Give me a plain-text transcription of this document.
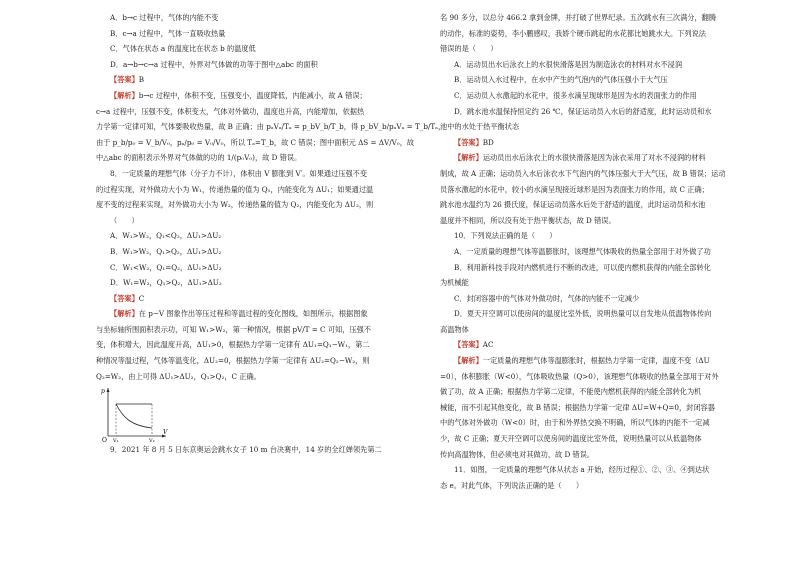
A．b→c 过程中，气体的内能不变
B．c→a 过程中，气体一直吸收热量
C．气体在状态 a 的温度比在状态 b 的温度低
D．a→b→c→a 过程中，外界对气体做的功等于图中△abc 的面积
【答案】B
【解析】b→c 过程中，体积不变，压强变小，温度降低，内能减小，故 A 错误；
c→a 过程中，压强不变，体积变大，气体对外做功，温度也升高，内能增加，依据热
力学第一定律可知，气体要吸收热量，故 B 正确；由 pₐVₐ/Tₐ = p_bV_b/T_b，得 p_bV_b/pₐVₐ = T_b/Tₐ，
由于 p_b/p₀ = V_b/V₀，pₐ/p₀ = V₀/V₀，所以 Tₐ=T_b，故 C 错误；图中面积元 ΔS = ΔV/V₀，故
中△abc 的面积表示外界对气体做的功的 1/(p₀V₀)，故 D 错误。
8．一定质量的理想气体（分子力不计），体积由 V 膨胀到 V′。如果通过压强不变
的过程实现，对外做功大小为 W₁，传递热量的值为 Q₁，内能变化为 ΔU₁；如果通过温
度不变的过程来实现，对外做功大小为 W₂，传递热量的值为 Q₂，内能变化为 ΔU₂，则
（　　）
A．W₁>W₂，Q₁<Q₂，ΔU₁>ΔU₂
B．W₁>W₂，Q₁>Q₂，ΔU₁>ΔU₂
C．W₁<W₂，Q₁=Q₂，ΔU₁>ΔU₂
D．W₁=W₂，Q₁>Q₂，ΔU₁>ΔU₂
【答案】C
【解析】在 p−V 图象作出等压过程和等温过程的变化图线，如图所示，根据图象
与坐标轴所围面积表示功，可知 W₁>W₂，第一种情况，根据 pV/T = C 可知，压强不
变，体积增大，因此温度升高，ΔU₁>0，根据热力学第一定律有 ΔU₁=Q₁−W₁，第二
种情况等温过程，气体等温变化，ΔU₂=0，根据热力学第一定律有 ΔU₂=Q₂−W₂，则
Q₂=W₂，由上可得 ΔU₁>ΔU₂，Q₁>Q₂，C 正确。
p
V
O V₁	V₂
9．2021 年 8 月 5 日东京奥运会跳水女子 10 m 台决赛中，14 岁的全红婵领先第二
名 90 多分，以总分 466.2 拿到金牌，并打破了世界纪录。五次跳水有三次满分，翻腾
的动作，标准的姿势，李小鹏感叹，我娇个硬币跳起的水花都比她跳水大。下列说法
错误的是（　　）
A．运动员出水后泳衣上的水很快滑落是因为制造泳衣的材料对水不浸润
B．运动员入水过程中，在水中产生的气泡内的气体压强小于大气压
C．运动员入水激起的水花中，很多水滴呈现球形是因为水的表面张力的作用
D．跳水池水温保持恒定约 26 ℃，保证运动员入水后的舒适度，此时运动员和水
池中的水处于热平衡状态
【答案】BD
【解析】运动员出水后泳衣上的水很快滑落是因为泳衣采用了对水不浸润的材料
制成，故 A 正确；运动员入水后泳衣水下气泡内的气体压强大于大气压，故 B 错误；运动
员落水激起的水花中，较小的水滴呈现接近球形是因为表面张力的作用，故 C 正确；
跳水池水温约为 26 摄氏度，保证运动员落水后处于舒适的温度，此时运动员和水池
温度并不相同，所以没有处于热平衡状态，故 D 错误。
10．下列说法正确的是（　　）
A．一定质量的理想气体等温膨胀时，该理想气体吸收的热量全部用于对外做了功
B．利用新科技手段对内燃机进行不断的改进，可以使内燃机获得的内能全部转化
为机械能
C．封闭容器中的气体对外做功时，气体的内能不一定减少
D．夏天开空调可以使房间的温度比室外低，说明热量可以自发地从低温物体传向
高温物体
【答案】AC
【解析】一定质量的理想气体等温膨胀时，根据热力学第一定律，温度不变（ΔU
=0），体积膨胀（W<0），气体吸收热量（Q>0），该理想气体吸收的热量全部用于对外
做了功，故 A 正确；根据热力学第二定律，不能使内燃机获得的内能全部转化为机
械能，而不引起其他变化，故 B 错误；根据热力学第一定律 ΔU=W+Q=0，封闭容器
中的气体对外做功（W<0）时，由于和外界热交换不明确，所以气体的内能不一定减
少，故 C 正确；夏天开空调可以使房间的温度比室外低，说明热量可以从低温物体
传向高温物体，但必须电对其做功，故 D 错误。
11．如图，一定质量的理想气体从状态 a 开始，经历过程①、②、③、④到达状
态 e。对此气体，下列说法正确的是（　　）
